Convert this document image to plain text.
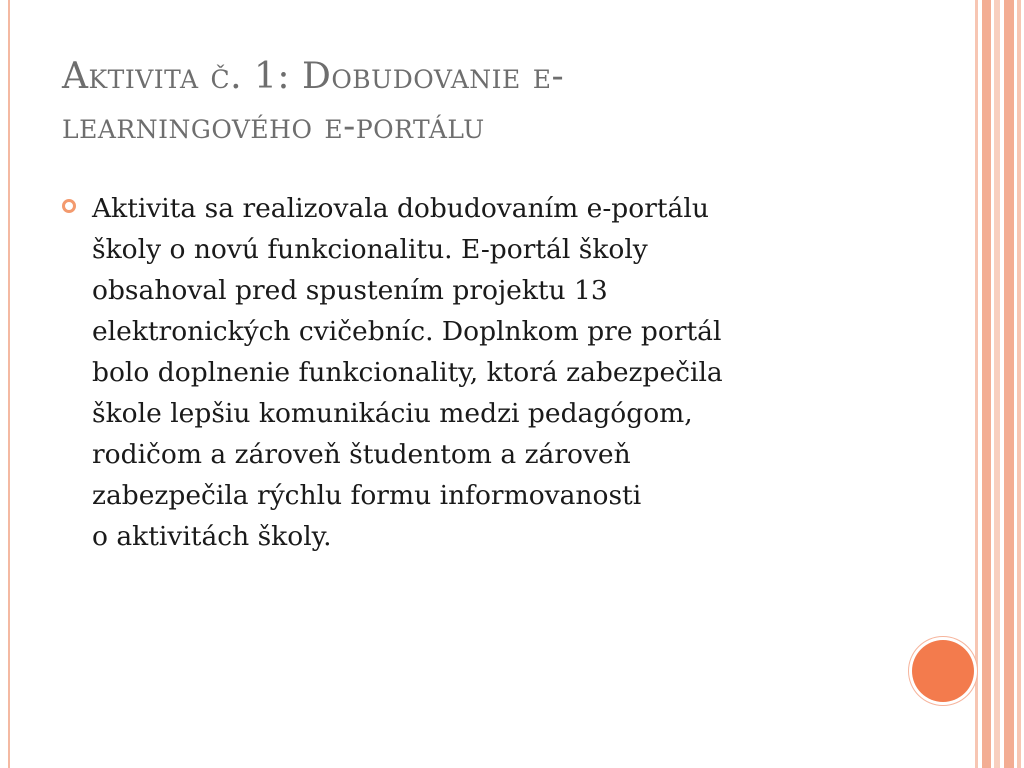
Aktivita č. 1: Dobudovanie e-
learningového e-portálu
Aktivita sa realizovala dobudovaním e-portálu
školy o novú funkcionalitu. E-portál školy
obsahoval pred spustením projektu 13
elektronických cvičebníc. Doplnkom pre portál
bolo doplnenie funkcionality, ktorá zabezpečila
škole lepšiu komunikáciu medzi pedagógom,
rodičom a zároveň študentom a zároveň
zabezpečila rýchlu formu informovanosti
o aktivitách školy.
